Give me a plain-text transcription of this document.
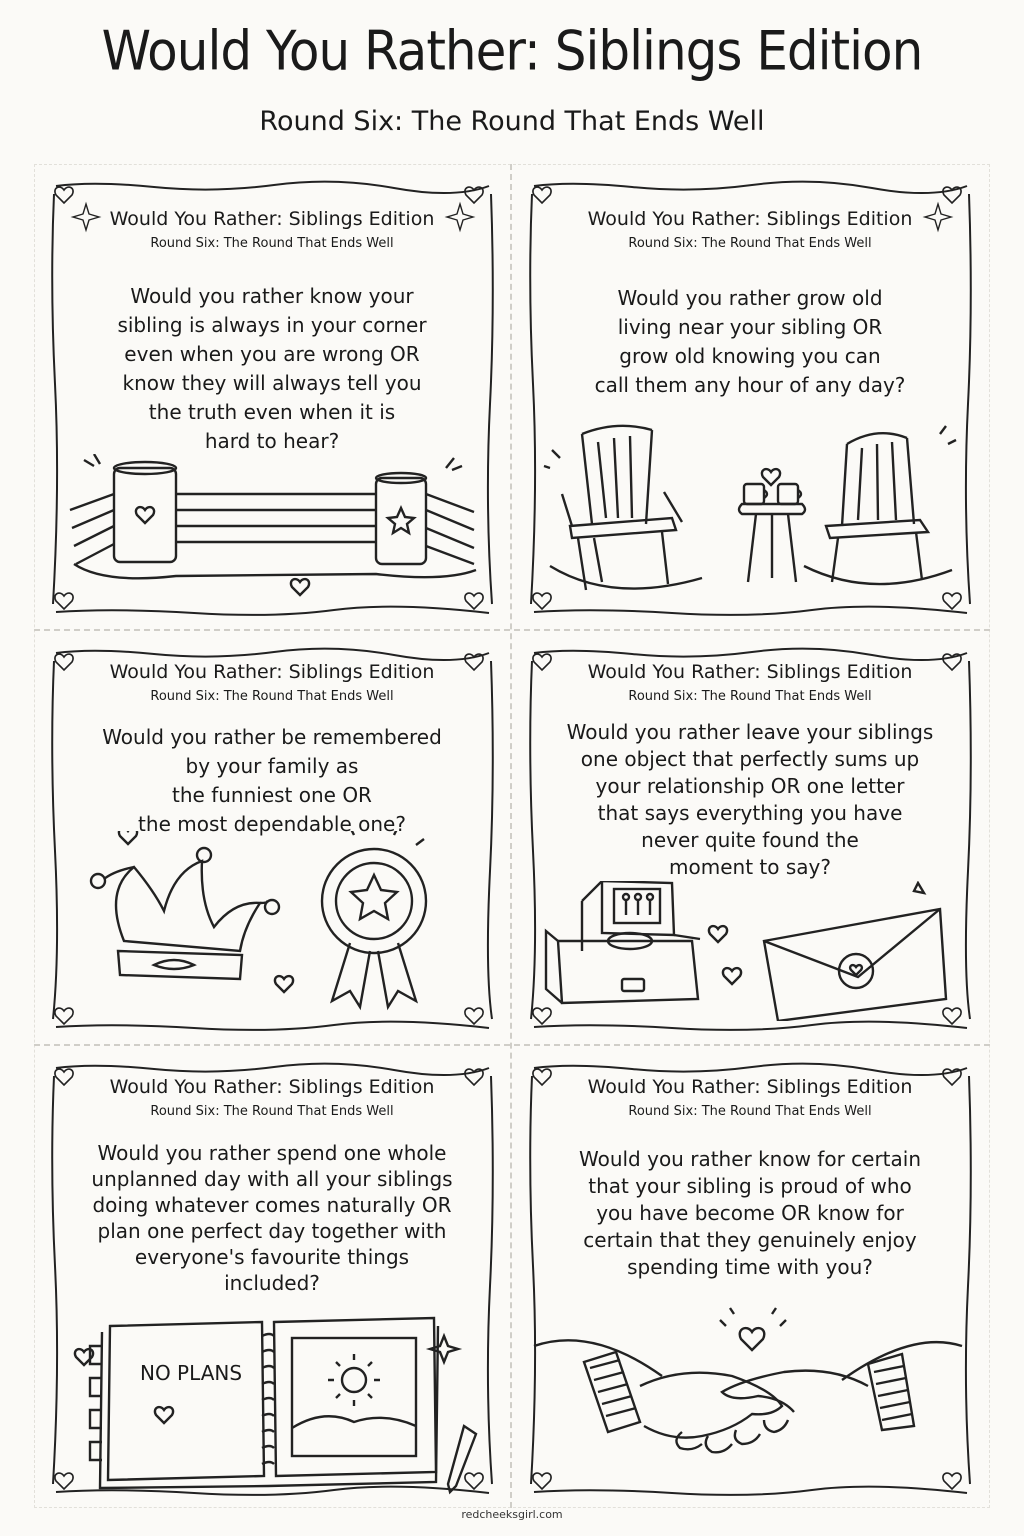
Would You Rather: Siblings Edition
Round Six: The Round That Ends Well
Would You Rather: Siblings Edition
Round Six: The Round That Ends Well
Would you rather know your
sibling is always in your corner
even when you are wrong OR
know they will always tell you
the truth even when it is
hard to hear?
Would You Rather: Siblings Edition
Round Six: The Round That Ends Well
Would you rather grow old
living near your sibling OR
grow old knowing you can
call them any hour of any day?
Would You Rather: Siblings Edition
Round Six: The Round That Ends Well
Would you rather be remembered
by your family as
the funniest one OR
the most dependable one?
Would You Rather: Siblings Edition
Round Six: The Round That Ends Well
Would you rather leave your siblings
one object that perfectly sums up
your relationship OR one letter
that says everything you have
never quite found the
moment to say?
Would You Rather: Siblings Edition
Round Six: The Round That Ends Well
Would you rather spend one whole
unplanned day with all your siblings
doing whatever comes naturally OR
plan one perfect day together with
everyone's favourite things
included?
NO PLANS
Would You Rather: Siblings Edition
Round Six: The Round That Ends Well
Would you rather know for certain
that your sibling is proud of who
you have become OR know for
certain that they genuinely enjoy
spending time with you?
redcheeksgirl.com
